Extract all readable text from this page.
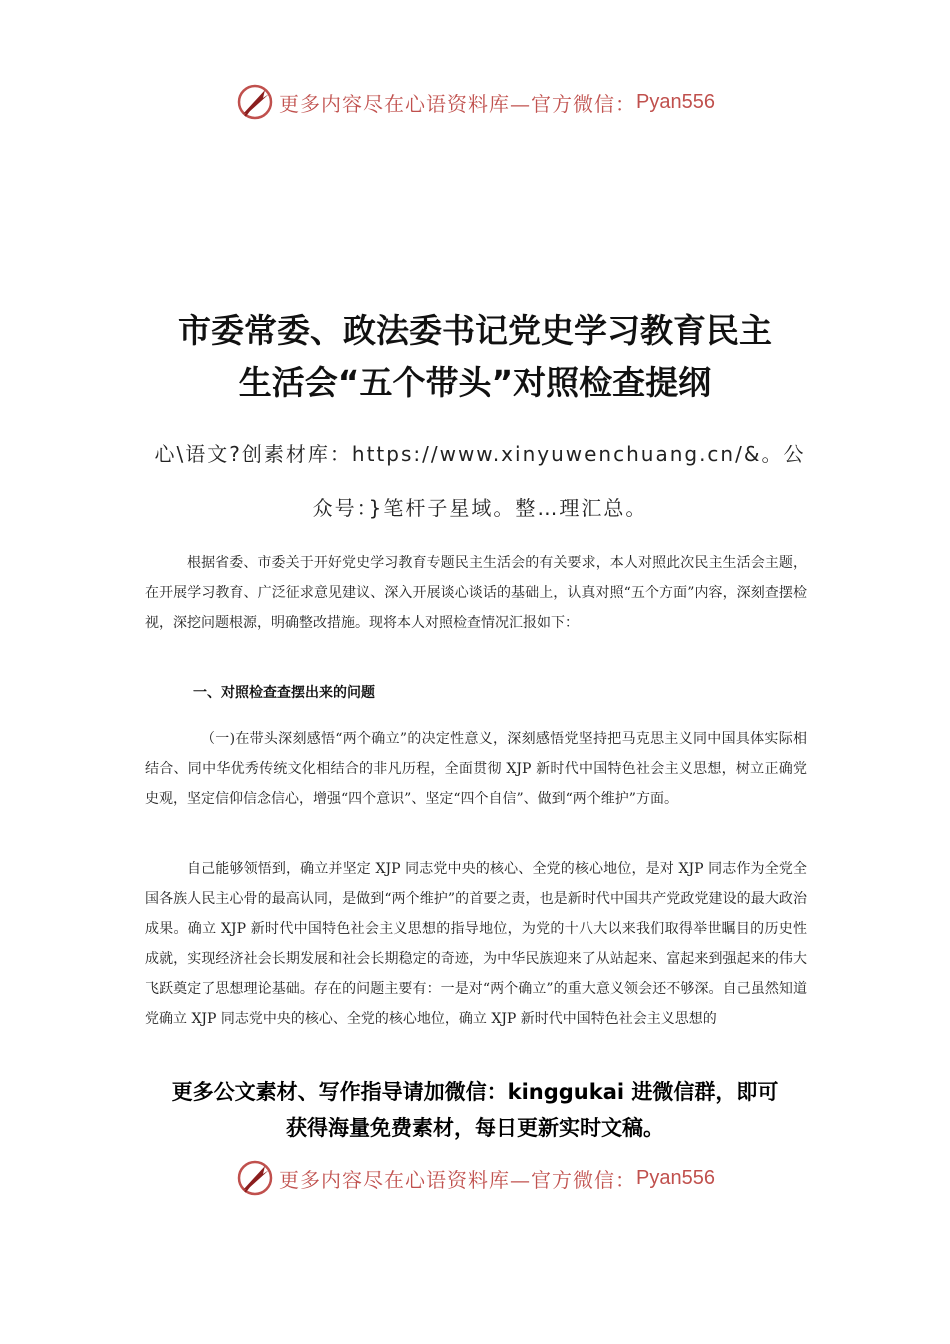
更多内容尽在心语资料库—官方微信： Pyan556
市委常委、政法委书记党史学习教育民主
生活会“五个带头”对照检查提纲
心\语文?创素材库：https://www.xinyuwenchuang.cn/&。公
众号：}笔杆子星域。整…理汇总。
根据省委、市委关于开好党史学习教育专题民主生活会的有关要求，本人对照此次民主生活会主题，在开展学习教育、广泛征求意见建议、深入开展谈心谈话的基础上，认真对照“五个方面”内容，深刻查摆检视，深挖问题根源，明确整改措施。现将本人对照检查情况汇报如下：
一、对照检查查摆出来的问题
（一)在带头深刻感悟“两个确立”的决定性意义，深刻感悟党坚持把马克思主义同中国具体实际相结合、同中华优秀传统文化相结合的非凡历程，全面贯彻 XJP 新时代中国特色社会主义思想，树立正确党史观，坚定信仰信念信心，增强“四个意识”、坚定“四个自信”、做到“两个维护”方面。
自己能够领悟到，确立并坚定 XJP 同志党中央的核心、全党的核心地位，是对 XJP 同志作为全党全国各族人民主心骨的最高认同，是做到“两个维护”的首要之责，也是新时代中国共产党政党建设的最大政治成果。确立 XJP 新时代中国特色社会主义思想的指导地位，为党的十八大以来我们取得举世瞩目的历史性成就，实现经济社会长期发展和社会长期稳定的奇迹，为中华民族迎来了从站起来、富起来到强起来的伟大飞跃奠定了思想理论基础。存在的问题主要有：一是对“两个确立”的重大意义领会还不够深。自己虽然知道党确立 XJP 同志党中央的核心、全党的核心地位，确立 XJP 新时代中国特色社会主义思想的
更多公文素材、写作指导请加微信：kinggukai 进微信群，即可
获得海量免费素材，每日更新实时文稿。
更多内容尽在心语资料库—官方微信： Pyan556
